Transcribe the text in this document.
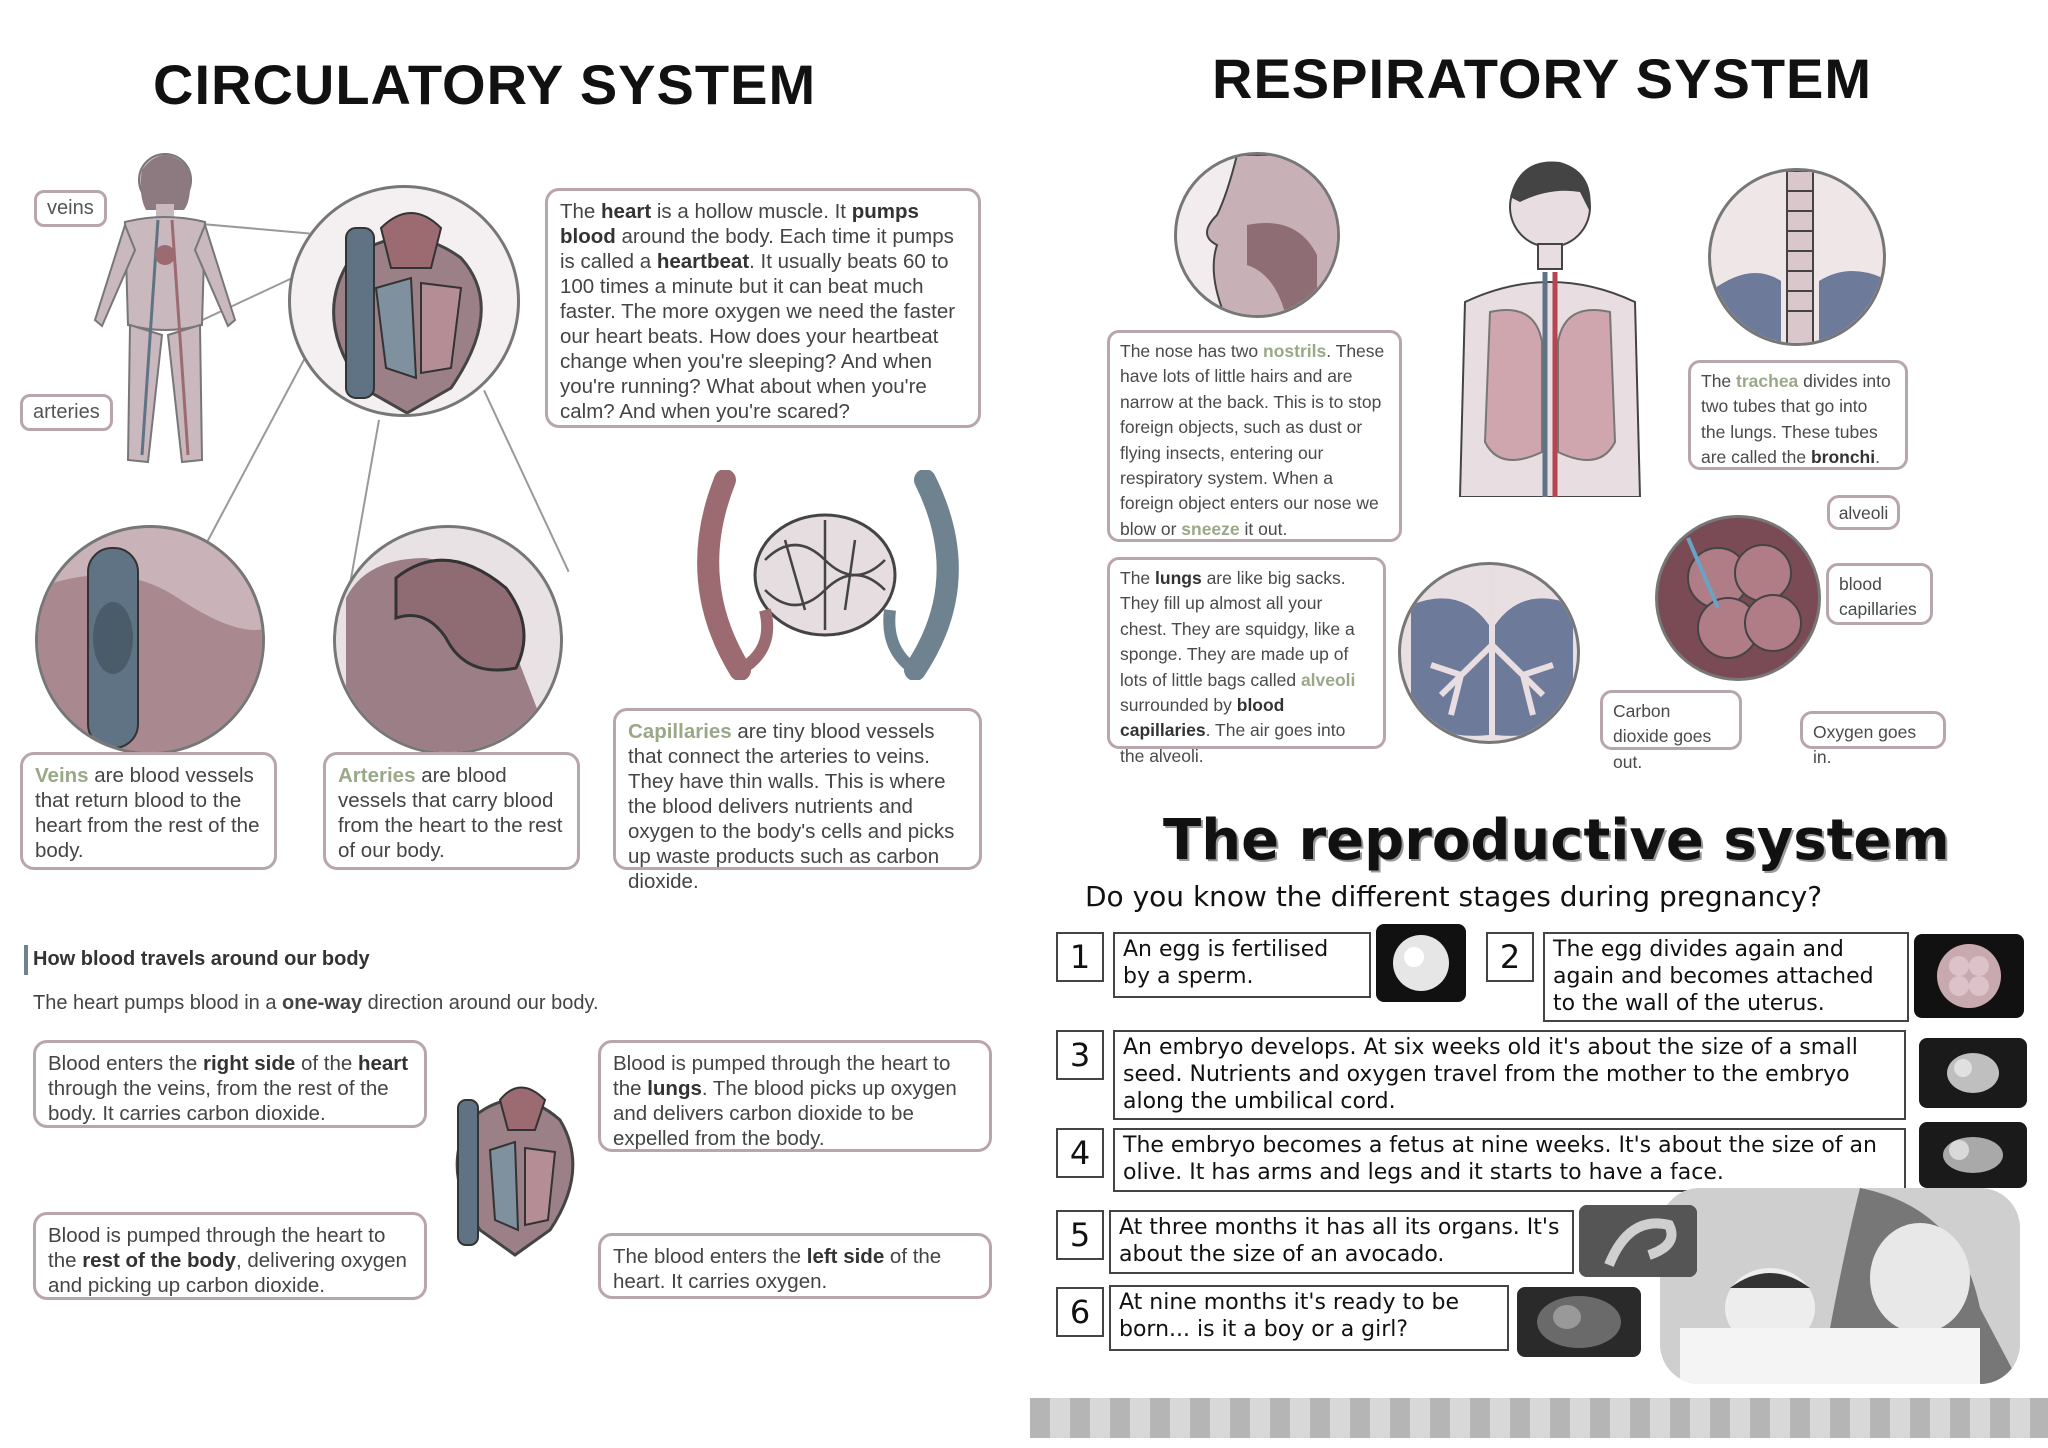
CIRCULATORY SYSTEM
veins
arteries
The heart is a hollow muscle. It pumps blood around the body. Each time it pumps is called a heartbeat. It usually beats 60 to 100 times a minute but it can beat much faster. The more oxygen we need the faster our heart beats. How does your heartbeat change when you're sleeping? And when you're running? What about when you're calm? And when you're scared?
Veins are blood vessels that return blood to the heart from the rest of the body.
Arteries are blood vessels that carry blood from the heart to the rest of our body.
Capillaries are tiny blood vessels that connect the arteries to veins. They have thin walls. This is where the blood delivers nutrients and oxygen to the body's cells and picks up waste products such as carbon dioxide.
How blood travels around our body
The heart pumps blood in a one-way direction around our body.
Blood enters the right side of the heart through the veins, from the rest of the body. It carries carbon dioxide.
Blood is pumped through the heart to the lungs. The blood picks up oxygen and delivers carbon dioxide to be expelled from the body.
Blood is pumped through the heart to the rest of the body, delivering oxygen and picking up carbon dioxide.
The blood enters the left side of the heart. It carries oxygen.
RESPIRATORY SYSTEM
The nose has two nostrils. These have lots of little hairs and are narrow at the back. This is to stop foreign objects, such as dust or flying insects, entering our respiratory system. When a foreign object enters our nose we blow or sneeze it out.
The trachea divides into two tubes that go into the lungs. These tubes are called the bronchi.
The lungs are like big sacks. They fill up almost all your chest. They are squidgy, like a sponge. They are made up of lots of little bags called alveoli surrounded by blood capillaries. The air goes into the alveoli.
alveoli
blood capillaries
Carbon dioxide goes out.
Oxygen goes in.
The reproductive system
Do you know the different stages during pregnancy?
1	An egg is fertilised by a sperm.
2	The egg divides again and again and becomes attached to the wall of the uterus.
3	An embryo develops. At six weeks old it's about the size of a small seed. Nutrients and oxygen travel from the mother to the embryo along the umbilical cord.
4	The embryo becomes a fetus at nine weeks. It's about the size of an olive. It has arms and legs and it starts to have a face.
5	At three months it has all its organs. It's about the size of an avocado.
6	At nine months it's ready to be born... is it a boy or a girl?
